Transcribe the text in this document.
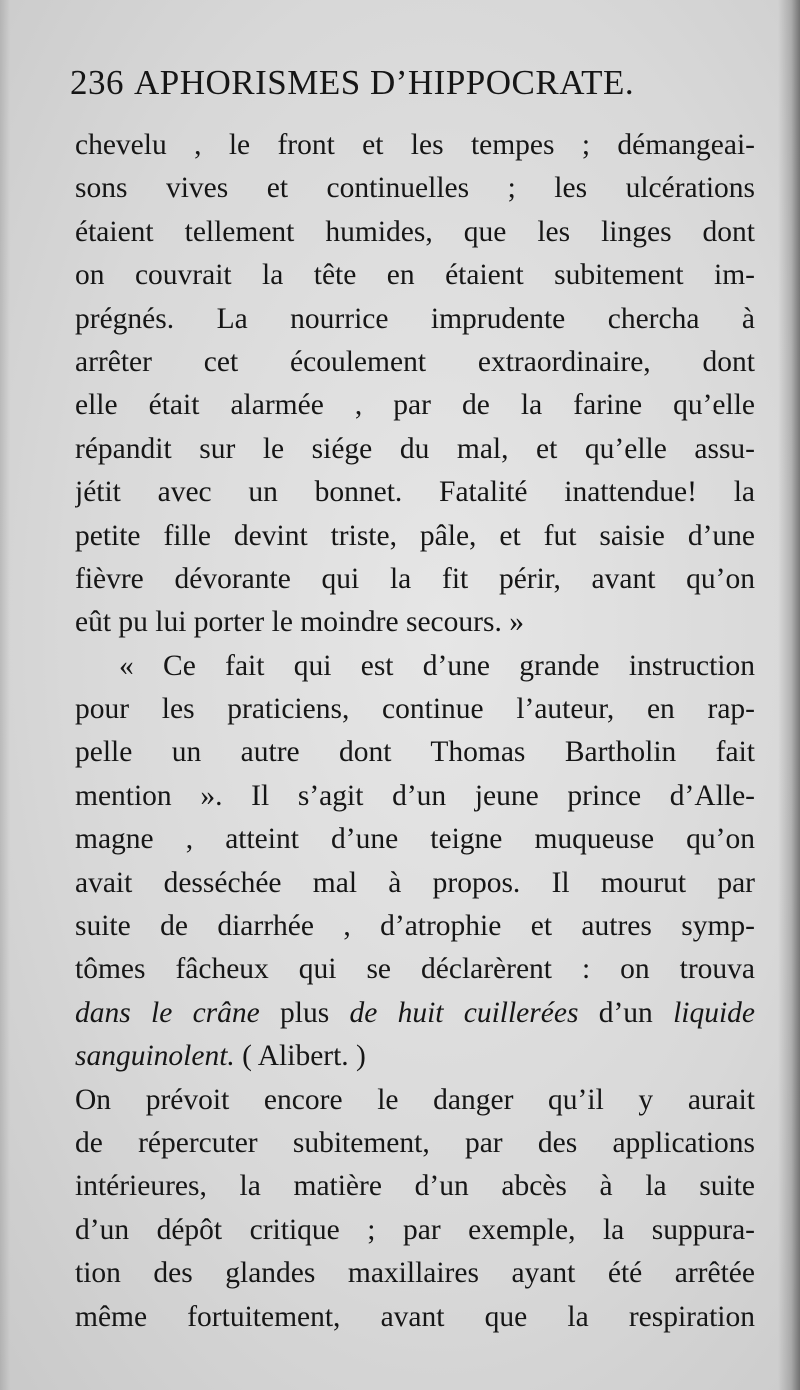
236 APHORISMES D’HIPPOCRATE.
chevelu , le front et les tempes ; démangeai-
sons vives et continuelles ; les ulcérations
étaient tellement humides, que les linges dont
on couvrait la tête en étaient subitement im-
prégnés. La nourrice imprudente chercha à
arrêter cet écoulement extraordinaire, dont
elle était alarmée , par de la farine qu’elle
répandit sur le siége du mal, et qu’elle assu-
jétit avec un bonnet. Fatalité inattendue! la
petite fille devint triste, pâle, et fut saisie d’une
fièvre dévorante qui la fit périr, avant qu’on
eût pu lui porter le moindre secours. »
« Ce fait qui est d’une grande instruction
pour les praticiens, continue l’auteur, en rap-
pelle un autre dont Thomas Bartholin fait
mention ». Il s’agit d’un jeune prince d’Alle-
magne , atteint d’une teigne muqueuse qu’on
avait desséchée mal à propos. Il mourut par
suite de diarrhée , d’atrophie et autres symp-
tômes fâcheux qui se déclarèrent : on trouva
dans le crâne plus de huit cuillerées d’un liquide
sanguinolent. ( Alibert. )
On prévoit encore le danger qu’il y aurait
de répercuter subitement, par des applications
intérieures, la matière d’un abcès à la suite
d’un dépôt critique ; par exemple, la suppura-
tion des glandes maxillaires ayant été arrêtée
même fortuitement, avant que la respiration
